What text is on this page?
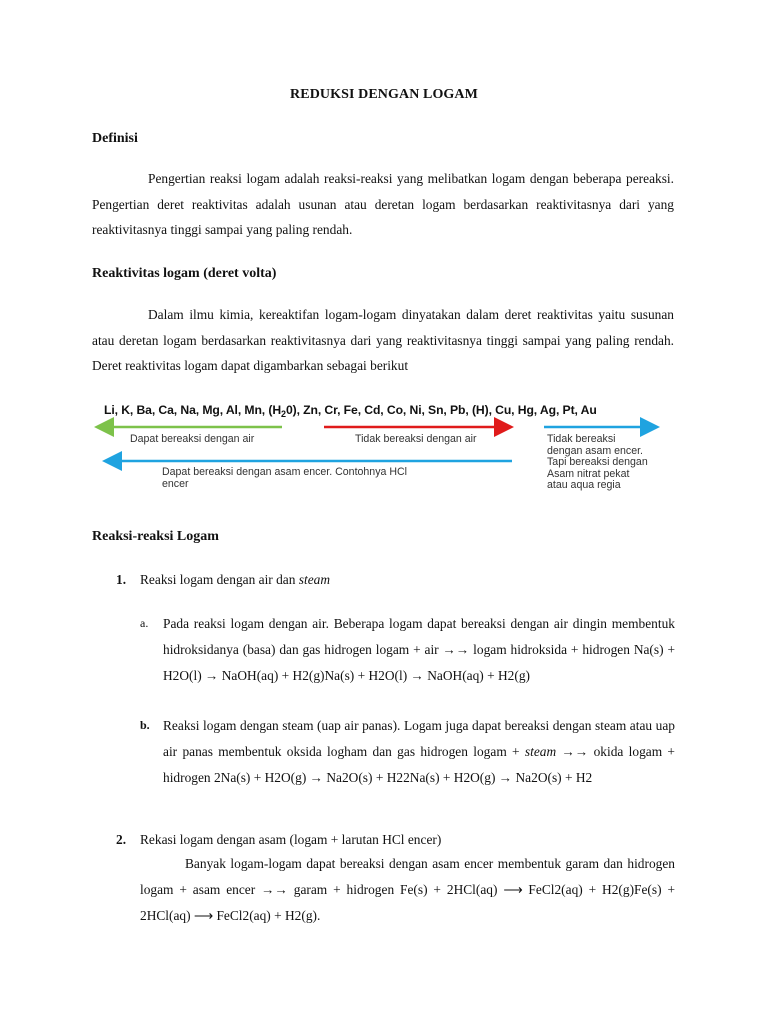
REDUKSI DENGAN LOGAM
Definisi

Pengertian reaksi logam adalah reaksi-reaksi yang melibatkan logam dengan beberapa pereaksi. Pengertian deret reaktivitas adalah usunan atau deretan logam berdasarkan reaktivitasnya dari yang reaktivitasnya tinggi sampai yang paling rendah.

Reaktivitas logam (deret volta)

Dalam ilmu kimia, kereaktifan logam-logam dinyatakan dalam deret reaktivitas yaitu susunan atau deretan logam berdasarkan reaktivitasnya dari yang reaktivitasnya tinggi sampai yang paling rendah. Deret reaktivitas logam dapat digambarkan sebagai berikut

Li, K, Ba, Ca, Na, Mg, Al, Mn, $(H_20)$, Zn, Cr, Fe, Cd, Co, Ni, Sn, Pb, (H), Cu, Hg, Ag, Pt, Au
Dapat bereaksi dengan air	Tidak bereaksi dengan air	Tidak bereaksi
dengan asam encer.
Tapi bereaksi dengan
Asam nitrat pekat
atau aqua regia
Dapat bereaksi dengan asam encer. Contohnya HCl
encer
Reaksi-reaksi Logam
1. Reaksi logam dengan air dan steam
a. Pada reaksi logam dengan air. Beberapa logam dapat bereaksi dengan air dingin membentuk hidroksidanya (basa) dan gas hidrogen logam + air →→ logam hidroksida + hidrogen Na(s) + H2O(l) → NaOH(aq) + H2(g)Na(s) + H2O(l) → NaOH(aq) + H2(g)
b. Reaksi logam dengan steam (uap air panas). Logam juga dapat bereaksi dengan steam atau uap air panas membentuk oksida logham dan gas hidrogen logam + steam →→ okida logam + hidrogen 2Na(s) + H2O(g) → Na2O(s) + H22Na(s) + H2O(g) → Na2O(s) + H2
2. Rekasi logam dengan asam (logam + larutan HCl encer)

Banyak logam-logam dapat bereaksi dengan asam encer membentuk garam dan hidrogen logam + asam encer →→ garam + hidrogen Fe(s) + 2HCl(aq) ⟶ FeCl2(aq) + H2(g)Fe(s) + 2HCl(aq) ⟶ FeCl2(aq) + H2(g).
